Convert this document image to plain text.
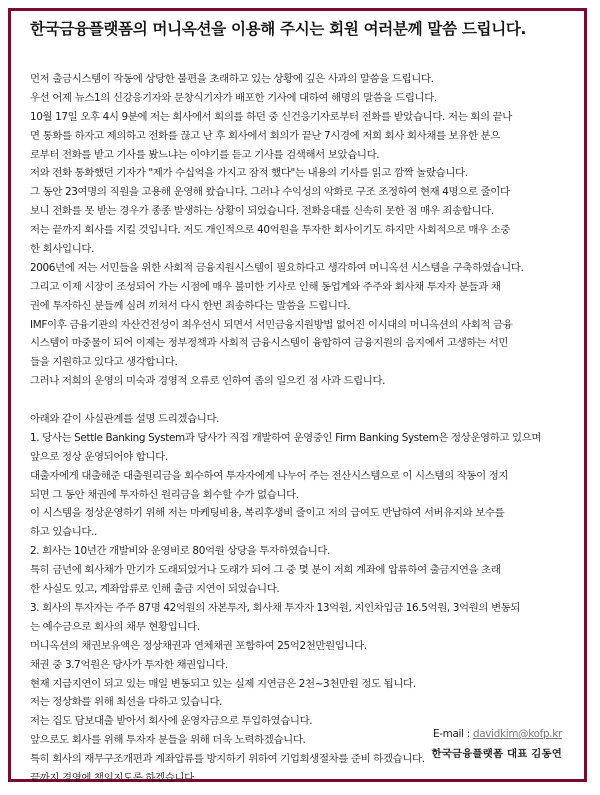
한국금융플랫폼의 머니옥션을 이용해 주시는 회원 여러분께 말씀 드립니다.
먼저 출금시스템이 작동에 상당한 불편을 초래하고 있는 상황에 깊은 사과의 말씀을 드립니다.
우선 어제 뉴스1의 신강응기자와 문창식기자가 배포한 기사에 대하여 해명의 말씀을 드립니다.
10월 17일 오후 4시 9분에 저는 회사에서 회의를 하던 중 신건응기자로부터 전화를 받았습니다. 저는 회의 끝나
면 통화를 하자고 제의하고 전화를 끊고 난 후 회사에서 회의가 끝난 7시경에 저희 회사 회사채를 보유한 분으
로부터 전화를 받고 기사를 봤느냐는 이야기를 듣고 기사를 검색해서 보았습니다.
저와 전화 통화했던 기자가 "제가 수십억을 가지고 잠적 했다"는 내용의 기사를 읽고 깜짝 놀랐습니다.
그 동안 23여명의 직원을 고용해 운영해 왔습니다. 그러나 수익성의 악화로 구조 조정하여 현재 4명으로 줄이다
보니 전화를 못 받는 경우가 종종 발생하는 상황이 되었습니다. 전화응대를 신속히 못한 점 매우 죄송합니다.
저는 끝까지 회사를 지킬 것입니다. 저도 개인적으로 40억원을 투자한 회사이기도 하지만 사회적으로 매우 소중
한 회사입니다.
2006년에 저는 서민들을 위한 사회적 금융지원시스템이 필요하다고 생각하여 머니옥션 시스템을 구축하였습니다.
그리고 이제 시장이 조성되어 가는 시점에 매우 불미한 기사로 인해 동업계와 주주와 회사채 투자자 분들과 채
권에 투자하신 분들께 심려 끼쳐서 다시 한번 죄송하다는 말씀을 드립니다.
IMF이후 금융기관의 자산건전성이 최우선시 되면서 서민금융지원방법 없어진 이시대의 머니옥션의 사회적 금융
시스템이 마중물이 되어 이제는 정부정책과 사회적 금융시스템이 융합하여 금융지원의 음지에서 고생하는 서민
들을 지원하고 있다고 생각합니다.
그러나 저희의 운영의 미숙과 경영적 오류로 인하여 좀의 일으킨 점 사과 드립니다.
아래와 같이 사실관계를 설명 드리겠습니다.
1. 당사는 Settle Banking System과 당사가 직접 개발하여 운영중인 Firm Banking System은 정상운영하고 있으며
앞으로 정상 운영되어야 합니다.
대출자에게 대출해준 대출원리금을 회수하여 투자자에게 나누어 주는 전산시스템으로 이 시스템의 작동이 정지
되면 그 동안 채권에 투자하신 원리금을 회수할 수가 없습니다.
이 시스템을 정상운영하기 위해 저는 마케팅비용, 복리후생비 줄이고 저의 급여도 반납하여 서버유지와 보수를
하고 있습니다..
2. 회사는 10년간 개발비와 운영비로 80억원 상당을 투자하였습니다.
특히 금년에 회사채가 만기가 도래되었거나 도래가 되어 그 중 몇 분이 저희 계좌에 압류하여 출금지연을 초래
한 사실도 있고, 계좌압류로 인해 출금 지연이 되었습니다.
3. 회사의 투자자는 주주 87명 42억원의 자본투자, 회사채 투자자 13억원, 지인차입금 16.5억원, 3억원의 변동되
는 예수금으로 회사의 채무 현황입니다.
머니옥션의 채권보유액은 정상채권과 연체채권 포함하여 25억2천만원입니다.
채권 중 3.7억원은 당사가 투자한 채권입니다.
현재 지급지연이 되고 있는 매일 변동되고 있는 실제 지연금은 2천~3천만원 정도 됩니다.
저는 정상화를 위해 최선을 다하고 있습니다.
저는 집도 담보대출 받아서 회사에 운영자금으로 투입하였습니다.
앞으로도 회사를 위해 투자자 분들을 위해 더욱 노력하겠습니다.
특히 회사의 재무구조개편과 계좌압류를 방지하기 위하여 기업회생절차를 준비 하겠습니다.
끝까지 경영에 책임지도록 하겠습니다.
E-mail : davidkim@kofp.kr
한국금융플랫폼 대표 김동연
